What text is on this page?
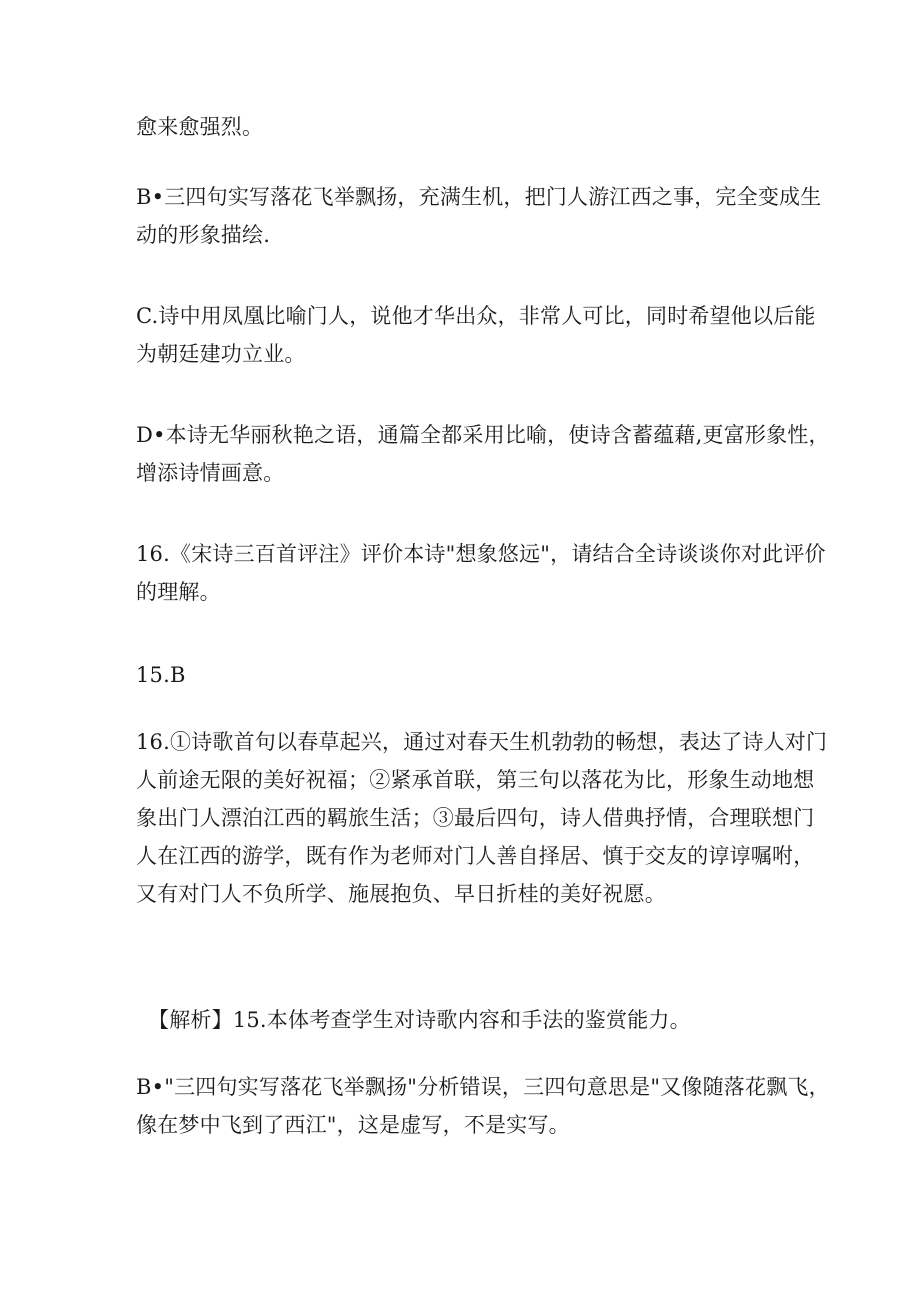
愈来愈强烈。
B•三四句实写落花飞举飘扬，充满生机，把门人游江西之事，完全变成生
动的形象描绘.
C.诗中用凤凰比喻门人，说他才华出众，非常人可比，同时希望他以后能
为朝廷建功立业。
D•本诗无华丽秋艳之语，通篇全都采用比喻，使诗含蓄蕴藉,更富形象性，
增添诗情画意。
16.《宋诗三百首评注》评价本诗"想象悠远"，请结合全诗谈谈你对此评价
的理解。
15.B
16.①诗歌首句以春草起兴，通过对春天生机勃勃的畅想，表达了诗人对门
人前途无限的美好祝福；②紧承首联，第三句以落花为比，形象生动地想
象出门人漂泊江西的羁旅生活；③最后四句，诗人借典抒情，合理联想门
人在江西的游学，既有作为老师对门人善自择居、慎于交友的谆谆嘱咐，
又有对门人不负所学、施展抱负、早日折桂的美好祝愿。
【解析】15.本体考查学生对诗歌内容和手法的鉴赏能力。
B•"三四句实写落花飞举飘扬"分析错误，三四句意思是"又像随落花飘飞，
像在梦中飞到了西江"，这是虚写，不是实写。
